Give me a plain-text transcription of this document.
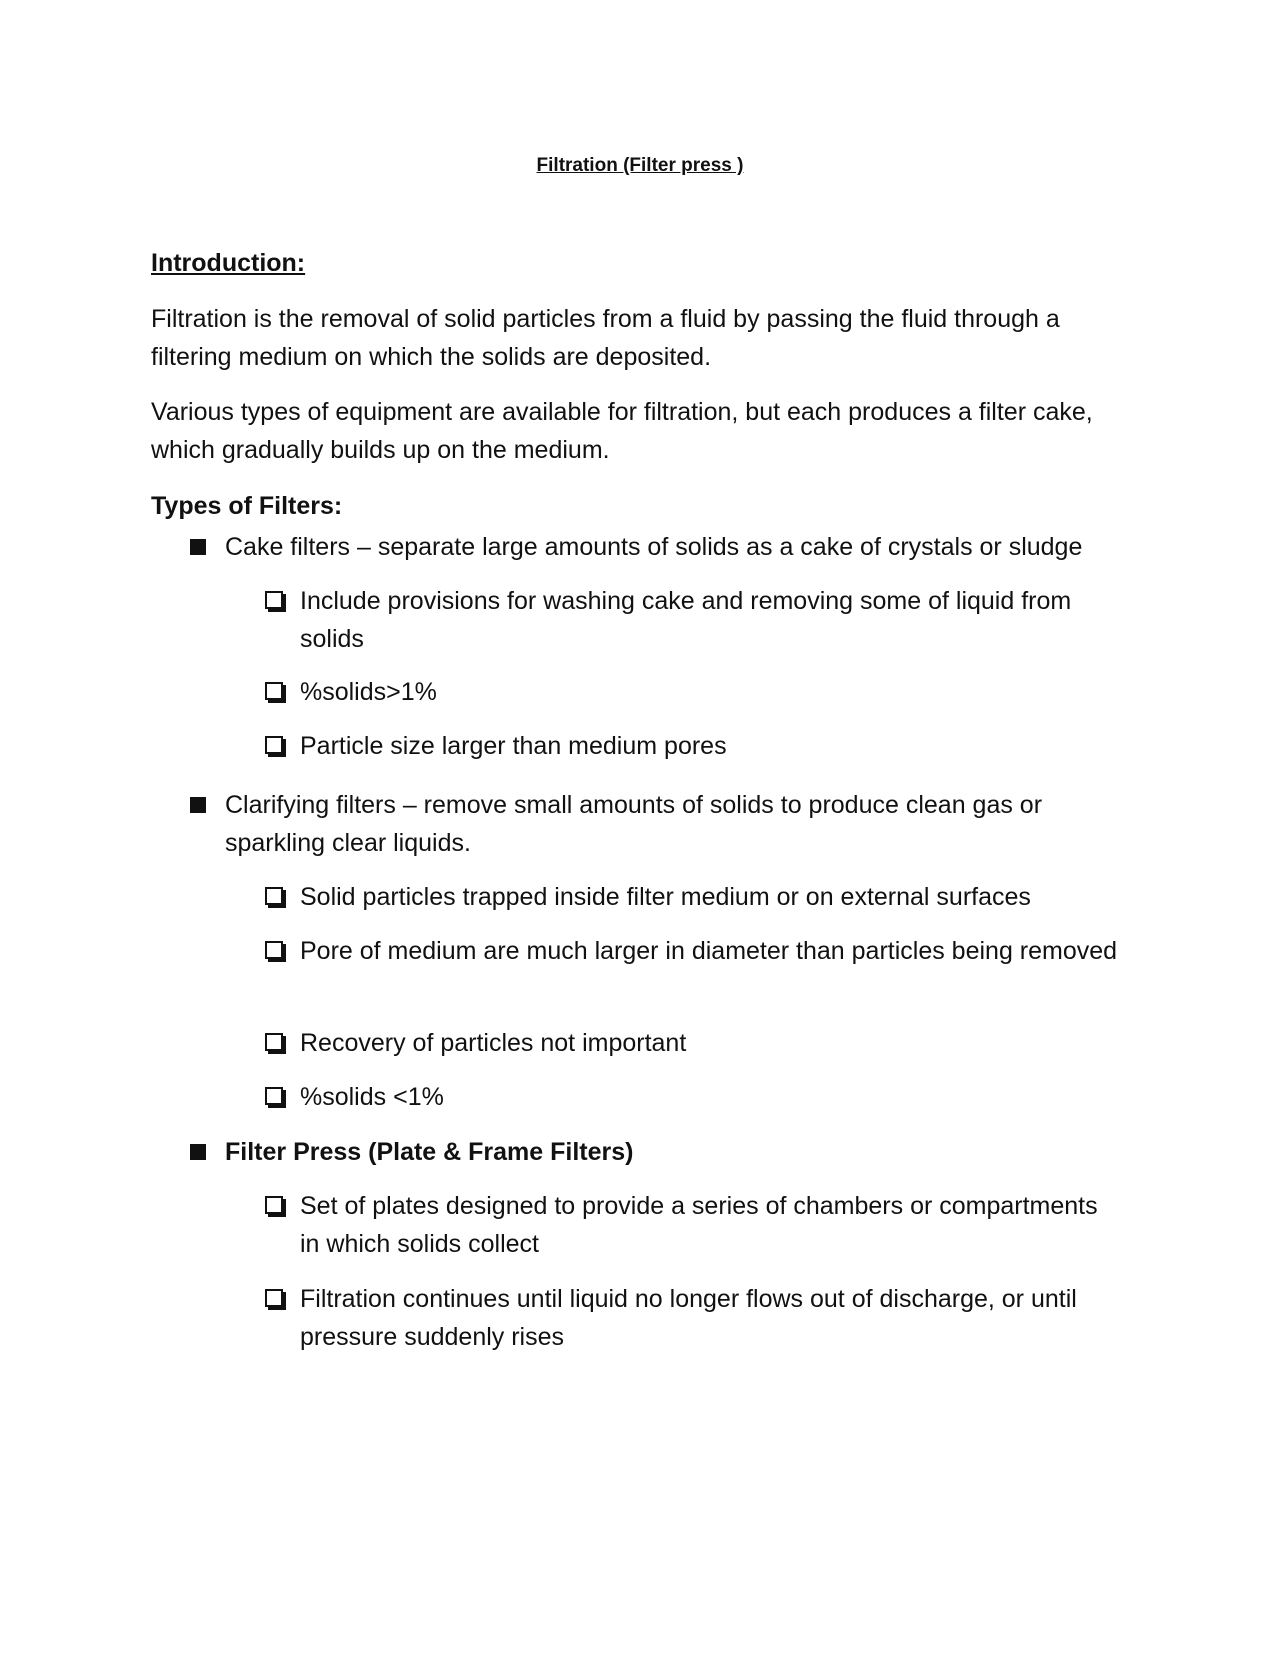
Filtration (Filter press )

Introduction:

Filtration is the removal of solid particles from a fluid by passing the fluid through a filtering medium on which the solids are deposited.

Various types of equipment are available for filtration, but each produces a filter cake, which gradually builds up on the medium.

Types of Filters:

Cake filters – separate large amounts of solids as a cake of crystals or sludge
Include provisions for washing cake and removing some of liquid from solids
%solids>1%
Particle size larger than medium pores
Clarifying filters – remove small amounts of solids to produce clean gas or sparkling clear liquids.
Solid particles trapped inside filter medium or on external surfaces
Pore of medium are much larger in diameter than particles being removed
Recovery of particles not important
%solids <1%
Filter Press (Plate & Frame Filters)
Set of plates designed to provide a series of chambers or compartments in which solids collect
Filtration continues until liquid no longer flows out of discharge, or until pressure suddenly rises
